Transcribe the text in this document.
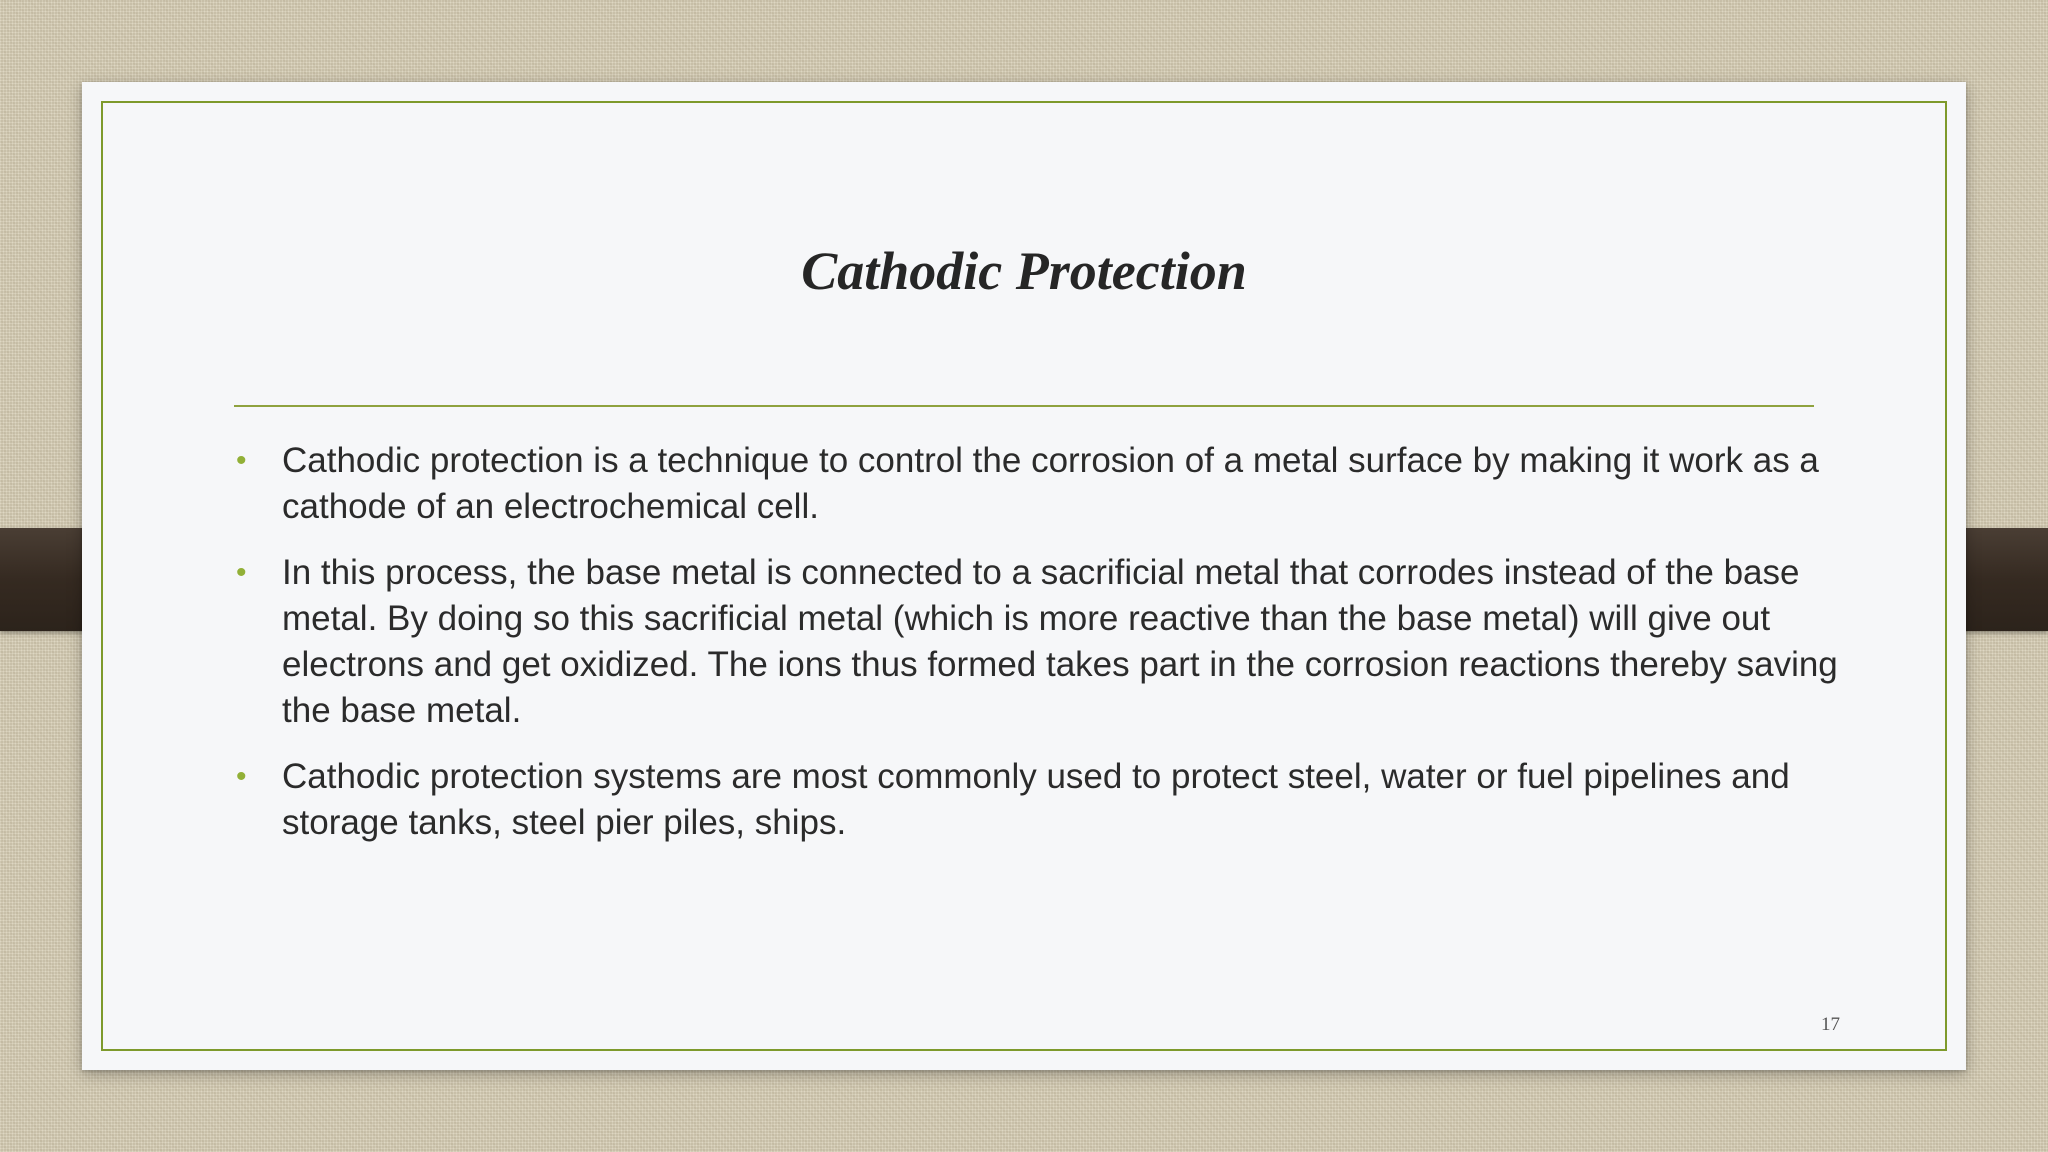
Cathodic Protection
• Cathodic protection is a technique to control the corrosion of a metal surface by making it work as a cathode of an electrochemical cell.
• In this process, the base metal is connected to a sacrificial metal that corrodes instead of the base metal. By doing so this sacrificial metal (which is more reactive than the base metal) will give out electrons and get oxidized. The ions thus formed takes part in the corrosion reactions thereby saving the base metal.
• Cathodic protection systems are most commonly used to protect steel, water or fuel pipelines and storage tanks, steel pier piles, ships.
17
